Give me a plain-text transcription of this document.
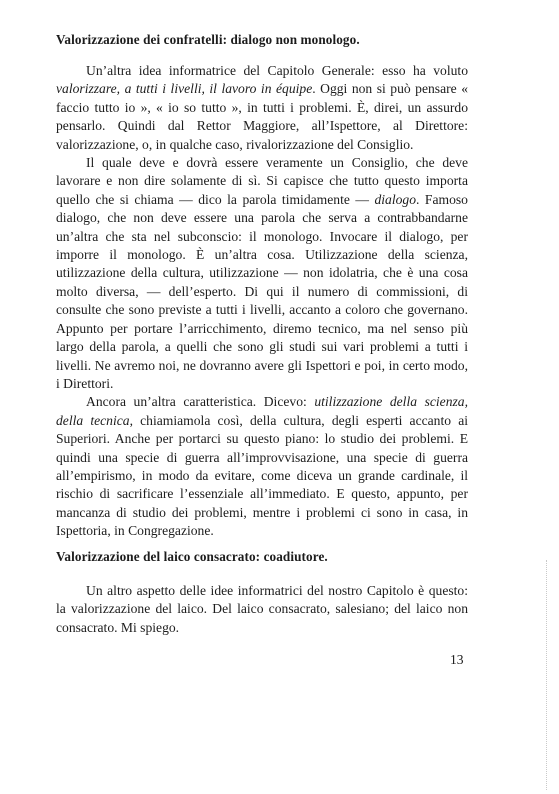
Valorizzazione dei confratelli: dialogo non monologo.

Un’altra idea informatrice del Capitolo Generale: esso ha voluto valorizzare, a tutti i livelli, il lavoro in équipe. Oggi non si può pensare « faccio tutto io », « io so tutto », in tutti i problemi. È, direi, un assurdo pensarlo. Quindi dal Rettor Maggiore, all’Ispettore, al Direttore: valorizzazione, o, in qualche caso, rivalorizzazione del Consiglio.

Il quale deve e dovrà essere veramente un Consiglio, che deve lavorare e non dire solamente di sì. Si capisce che tutto questo importa quello che si chiama — dico la parola timidamente — dialogo. Famoso dialogo, che non deve essere una parola che serva a contrabbandarne un’altra che sta nel subconscio: il monologo. Invocare il dialogo, per imporre il monologo. È un’altra cosa. Utilizzazione della scienza, utilizzazione della cultura, utilizzazione — non idolatria, che è una cosa molto diversa, — dell’esperto. Di qui il numero di commissioni, di consulte che sono previste a tutti i livelli, accanto a coloro che governano. Appunto per portare l’arricchimento, diremo tecnico, ma nel senso più largo della parola, a quelli che sono gli studi sui vari problemi a tutti i livelli. Ne avremo noi, ne dovranno avere gli Ispettori e poi, in certo modo, i Direttori.

Ancora un’altra caratteristica. Dicevo: utilizzazione della scienza, della tecnica, chiamiamola così, della cultura, degli esperti accanto ai Superiori. Anche per portarci su questo piano: lo studio dei problemi. E quindi una specie di guerra all’improvvisazione, una specie di guerra all’empirismo, in modo da evitare, come diceva un grande cardinale, il rischio di sacrificare l’essenziale all’immediato. E questo, appunto, per mancanza di studio dei problemi, mentre i problemi ci sono in casa, in Ispettoria, in Congregazione.

Valorizzazione del laico consacrato: coadiutore.

Un altro aspetto delle idee informatrici del nostro Capitolo è questo: la valorizzazione del laico. Del laico consacrato, salesiano; del laico non consacrato. Mi spiego.

13
